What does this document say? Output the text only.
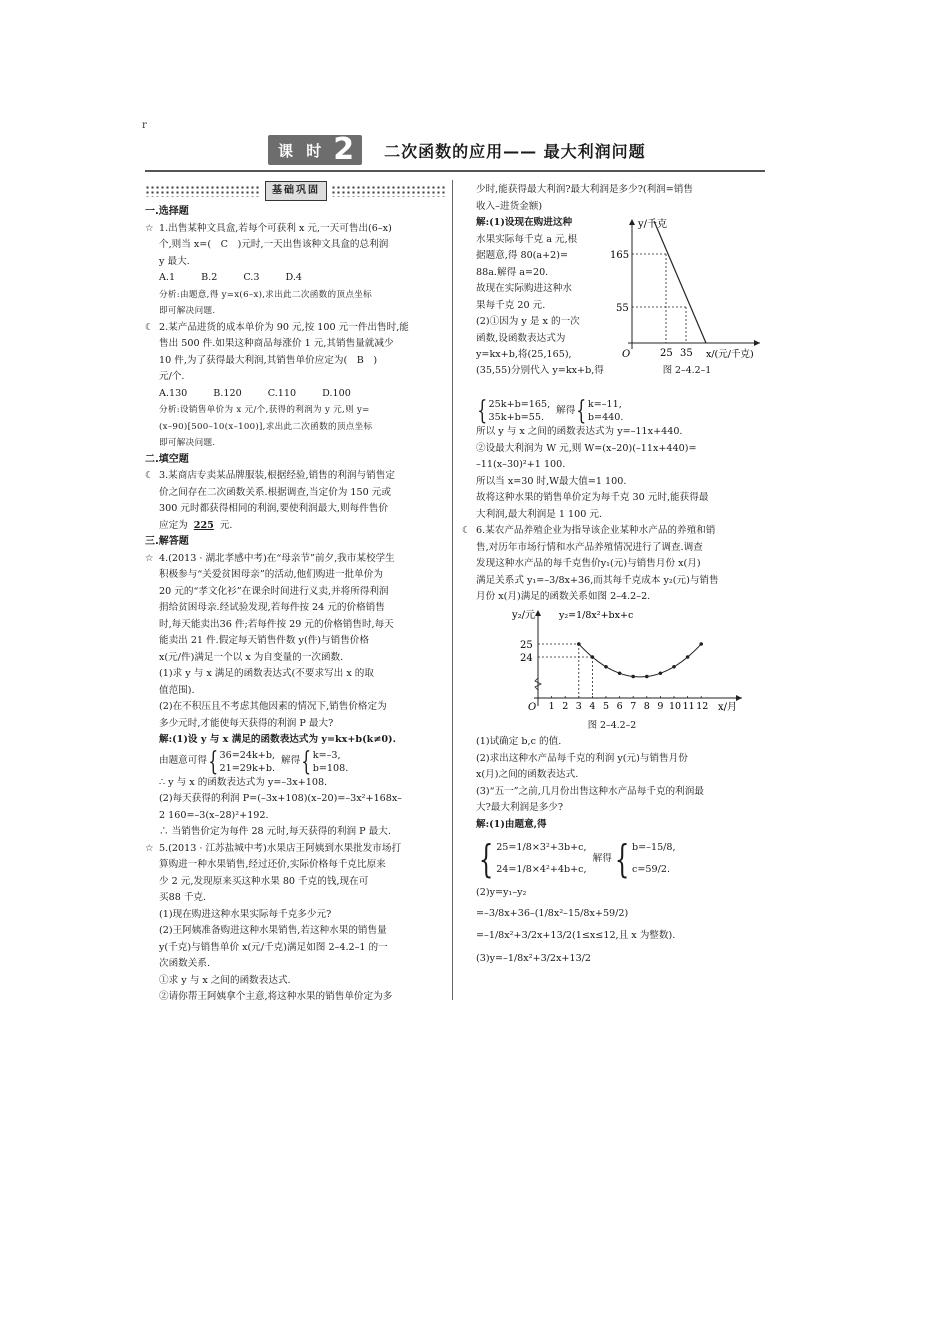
r
课 时 2 二次函数的应用—— 最大利润问题
基础巩固

一.选择题

☆ 1.出售某种文具盒,若每个可获利 x 元,一天可售出(6–x)

个,则当 x=(　C　)元时,一天出售该种文具盒的总利润

y 最大.

A.1	B.2	C.3	D.4

分析:由题意,得 y=x(6–x),求出此二次函数的顶点坐标

即可解决问题.

☾ 2.某产品进货的成本单价为 90 元,按 100 元一件出售时,能

售出 500 件.如果这种商品每涨价 1 元,其销售量就减少

10 件,为了获得最大利润,其销售单价应定为(　B　)

元/个.

A.130	B.120	C.110	D.100

分析:设销售单价为 x 元/个,获得的利润为 y 元,则 y=

(x–90)[500–10(x–100)],求出此二次函数的顶点坐标

即可解决问题.

二.填空题

☾ 3.某商店专卖某品牌服装,根据经验,销售的利润与销售定

价之间存在二次函数关系.根据调查,当定价为 150 元或

300 元时都获得相同的利润,要使利润最大,则每件售价

应定为 225 元.

三.解答题

☆ 4.(2013 · 湖北孝感中考)在“母亲节”前夕,我市某校学生

积极参与“关爱贫困母亲”的活动,他们购进一批单价为

20 元的“孝文化衫”在课余时间进行义卖,并将所得利润

捐给贫困母亲.经试验发现,若每件按 24 元的价格销售

时,每天能卖出36 件;若每件按 29 元的价格销售时,每天

能卖出 21 件.假定每天销售件数 y(件)与销售价格

x(元/件)满足一个以 x 为自变量的一次函数.

(1)求 y 与 x 满足的函数表达式(不要求写出 x 的取

值范围).

(2)在不积压且不考虑其他因素的情况下,销售价格定为

多少元时,才能使每天获得的利润 P 最大?

解:(1)设 y 与 x 满足的函数表达式为 y=kx+b(k≠0).

由题意可得 { 36=24k+b,
21=29k+b.
解得 { k=–3,
b=108.

∴ y 与 x 的函数表达式为 y=–3x+108.

(2)每天获得的利润 P=(–3x+108)(x–20)=–3x²+168x–

2 160=–3(x–28)²+192.

∴ 当销售价定为每件 28 元时,每天获得的利润 P 最大.

☆ 5.(2013 · 江苏盐城中考)水果店王阿姨到水果批发市场打

算购进一种水果销售,经过还价,实际价格每千克比原来

少 2 元,发现原来买这种水果 80 千克的钱,现在可

买88 千克.

(1)现在购进这种水果实际每千克多少元?

(2)王阿姨准备购进这种水果销售,若这种水果的销售量

y(千克)与销售单价 x(元/千克)满足如图 2–4.2–1 的一

次函数关系.

①求 y 与 x 之间的函数表达式.

②请你帮王阿姨拿个主意,将这种水果的销售单价定为多

少时,能获得最大利润?最大利润是多少?(利润=销售

收入–进货金额)

解:(1)设现在购进这种

水果实际每千克 a 元,根

据题意,得 80(a+2)=

88a.解得 a=20.

故现在实际购进这种水

果每千克 20 元.

(2)①因为 y 是 x 的一次

函数,设函数表达式为

y=kx+b,将(25,165),

y/千克
x/(元/千克)
O
165
55
25 35

图 2–4.2–1

(35,55)分别代入 y=kx+b,得

{ 25k+b=165,
35k+b=55.
解得 { k=–11,
b=440.

所以 y 与 x 之间的函数表达式为 y=–11x+440.

②设最大利润为 W 元,则 W=(x–20)(–11x+440)=

–11(x–30)²+1 100.

所以当 x=30 时,W最大值=1 100.

故将这种水果的销售单价定为每千克 30 元时,能获得最

大利润,最大利润是 1 100 元.

☾ 6.某农产品养殖企业为指导该企业某种水产品的养殖和销

售,对历年市场行情和水产品养殖情况进行了调查.调查

发现这种水产品的每千克售价y₁(元)与销售月份 x(月)

满足关系式 y₁=–3/8x+36,而其每千克成本 y₂(元)与销售

月份 x(月)满足的函数关系如图 2–4.2–2.

y₂/元	y₂=1/8x²+bx+c
x/月
O
25
24
1 2 3 4 5 6 7 8 9 10 11 12

图 2–4.2–2

(1)试确定 b,c 的值.

(2)求出这种水产品每千克的利润 y(元)与销售月份

x(月)之间的函数表达式.

(3)“五一”之前,几月份出售这种水产品每千克的利润最

大?最大利润是多少?

解:(1)由题意,得

{ 25=1/8×3²+3b+c,
24=1/8×4²+4b+c,
解得 { b=–15/8,
c=59/2.

(2)y=y₁–y₂

=–3/8x+36–(1/8x²–15/8x+59/2)

=–1/8x²+3/2x+13/2(1≤x≤12,且 x 为整数).

(3)y=–1/8x²+3/2x+13/2
